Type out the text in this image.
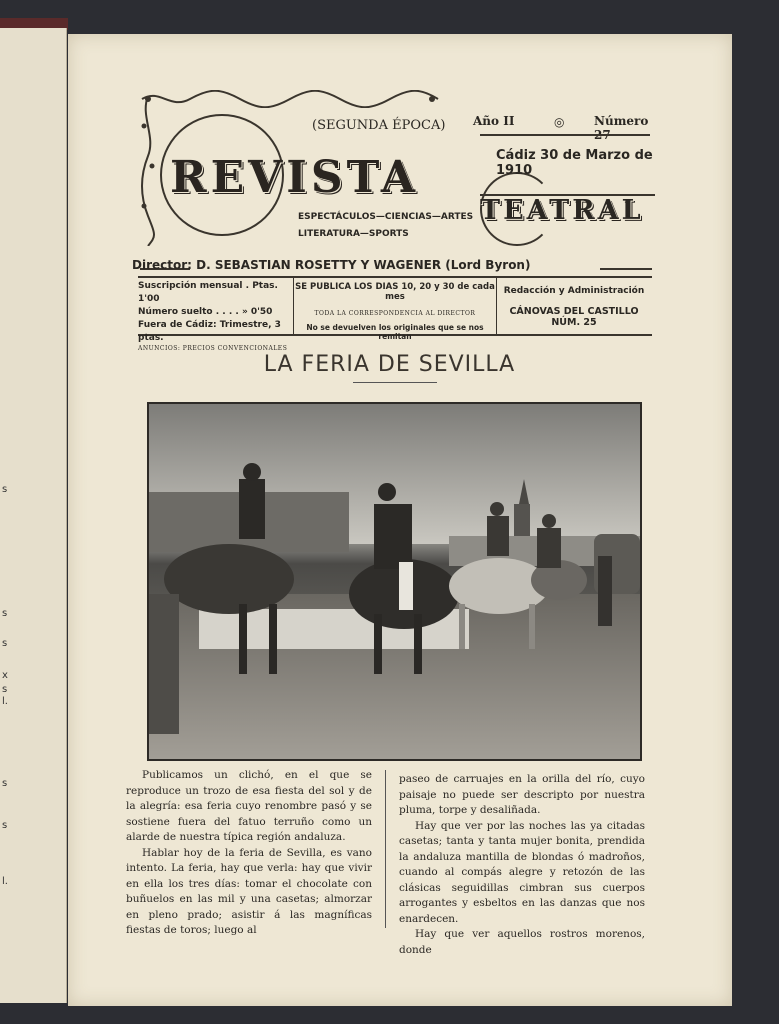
s
s
s
x
s
l.
s
s
l.
(SEGUNDA ÉPOCA)
REVISTA
TEATRAL
ESPECTÁCULOS—CIENCIAS—ARTES
LITERATURA—SPORTS
Año II	◎ Número 27
Cádiz 30 de Marzo de 1910
Director: D. SEBASTIAN ROSETTY Y WAGENER (Lord Byron)
Suscripción mensual . Ptas. 1'00
Número suelto . . . . » 0'50
Fuera de Cádiz: Trimestre, 3 ptas.
ANUNCIOS: PRECIOS CONVENCIONALES
SE PUBLICA LOS DIAS 10, 20 y 30 de cada mes
TODA LA CORRESPONDENCIA AL DIRECTOR
No se devuelven los originales que se nos remitan
Redacción y Administración
CÁNOVAS DEL CASTILLO
NÚM. 25
LA FERIA DE SEVILLA

Publicamos un clichó, en el que se reproduce un trozo de esa fiesta del sol y de la alegría: esa feria cuyo renombre pasó y se sostiene fuera del fatuo terruño como un alarde de nuestra típica región andaluza.

Hablar hoy de la feria de Sevilla, es vano intento. La feria, hay que verla: hay que vivir en ella los tres días: tomar el chocolate con buñuelos en las mil y una casetas; almorzar en pleno prado; asistir á las magníficas fiestas de toros; luego al

paseo de carruajes en la orilla del río, cuyo paisaje no puede ser descripto por nuestra pluma, torpe y desaliñada.

Hay que ver por las noches las ya citadas casetas; tanta y tanta mujer bonita, prendida la andaluza mantilla de blondas ó madroños, cuando al compás alegre y retozón de las clásicas seguidillas cimbran sus cuerpos arrogantes y esbeltos en las danzas que nos enardecen.

Hay que ver aquellos rostros morenos, donde
